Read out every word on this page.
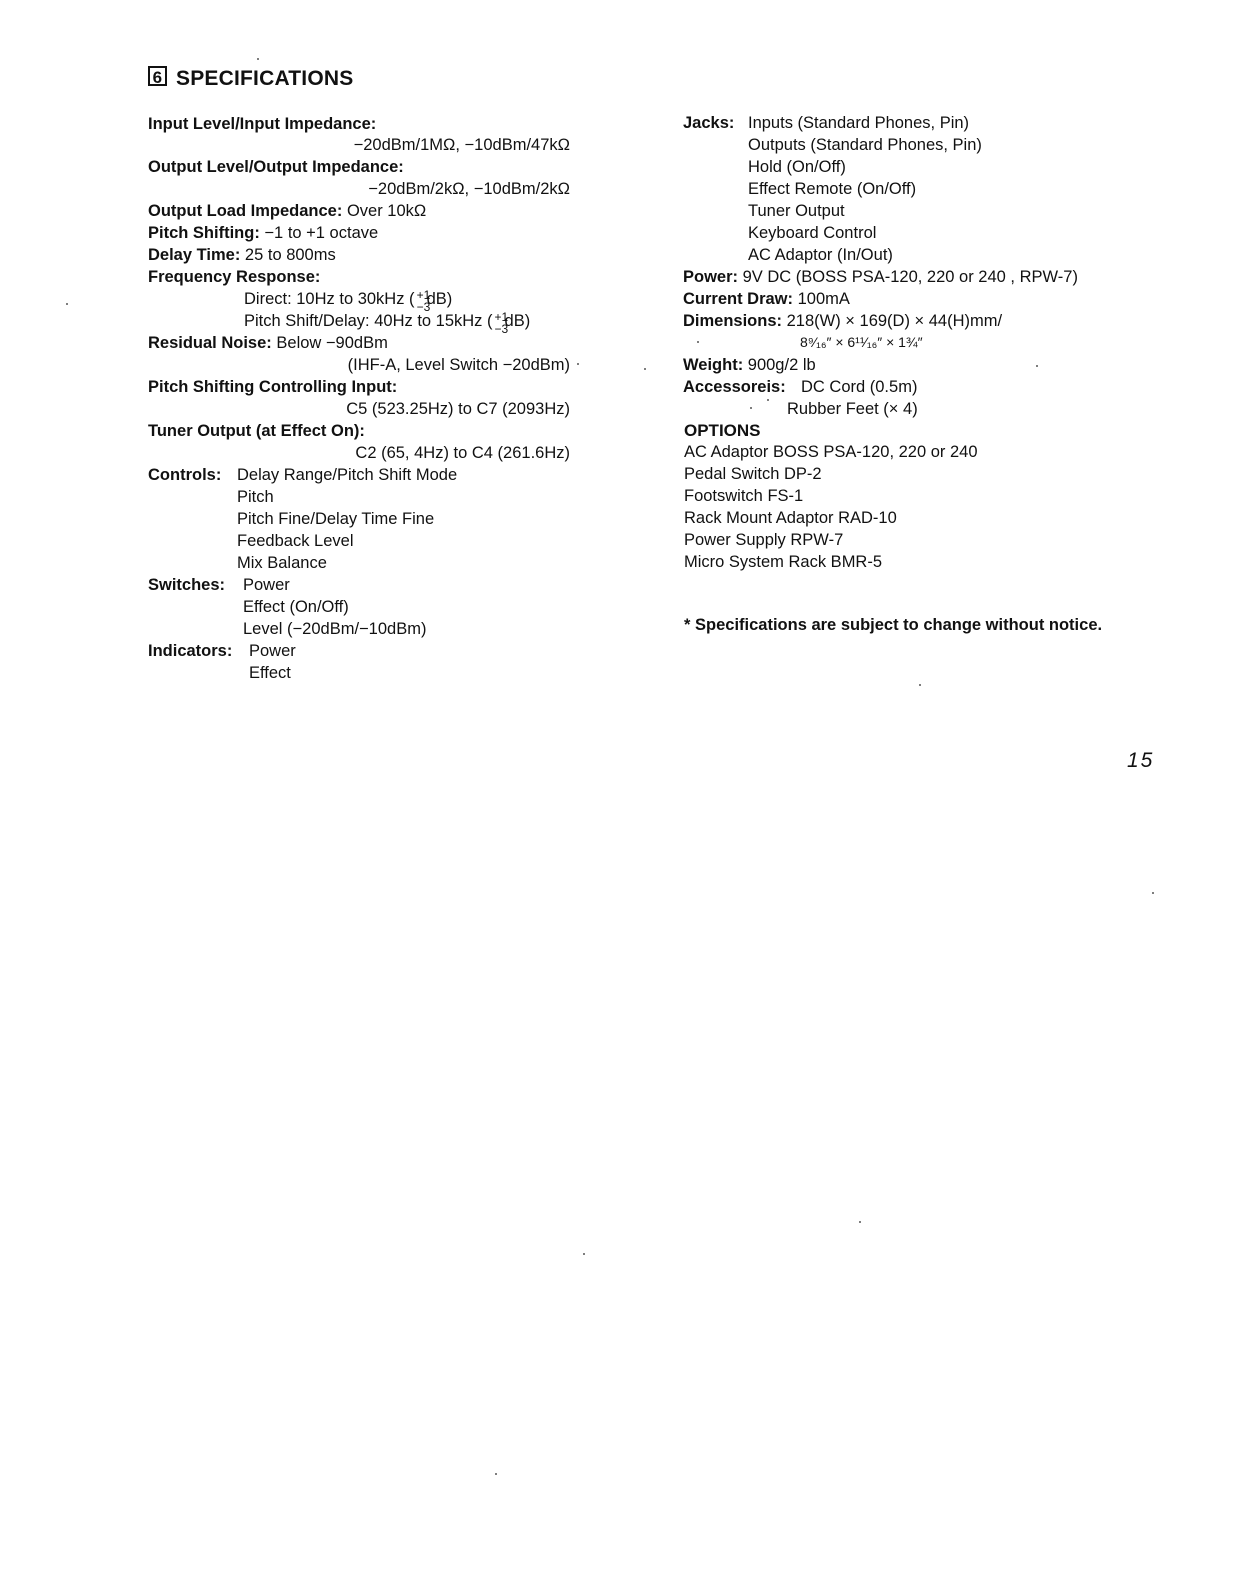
6 SPECIFICATIONS
Input Level/Input Impedance:
−20dBm/1MΩ, −10dBm/47kΩ
Output Level/Output Impedance:
−20dBm/2kΩ, −10dBm/2kΩ
Output Load Impedance: Over 10kΩ
Pitch Shifting: −1 to +1 octave
Delay Time: 25 to 800ms
Frequency Response:
Direct: 10Hz to 30kHz ( +1
−3
dB)
Pitch Shift/Delay: 40Hz to 15kHz ( +1
−3
dB)
Residual Noise: Below −90dBm
(IHF-A, Level Switch −20dBm)
Pitch Shifting Controlling Input:
C5 (523.25Hz) to C7 (2093Hz)
Tuner Output (at Effect On):
C2 (65, 4Hz) to C4 (261.6Hz)
Controls: Delay Range/Pitch Shift Mode
Pitch
Pitch Fine/Delay Time Fine
Feedback Level
Mix Balance
Switches: Power
Effect (On/Off)
Level (−20dBm/−10dBm)
Indicators: Power
Effect
Jacks: Inputs (Standard Phones, Pin)
Outputs (Standard Phones, Pin)
Hold (On/Off)
Effect Remote (On/Off)
Tuner Output
Keyboard Control
AC Adaptor (In/Out)
Power: 9V DC (BOSS PSA-120, 220 or 240 , RPW-7)
Current Draw: 100mA
Dimensions: 218(W) × 169(D) × 44(H)mm/
8⁹⁄₁₆″ × 6¹¹⁄₁₆″ × 1¾″
Weight: 900g/2 lb
Accessoreis: DC Cord (0.5m)
Rubber Feet (× 4)
OPTIONS
AC Adaptor BOSS PSA-120, 220 or 240
Pedal Switch DP-2
Footswitch FS-1
Rack Mount Adaptor RAD-10
Power Supply RPW-7
Micro System Rack BMR-5
* Specifications are subject to change without notice.
15
